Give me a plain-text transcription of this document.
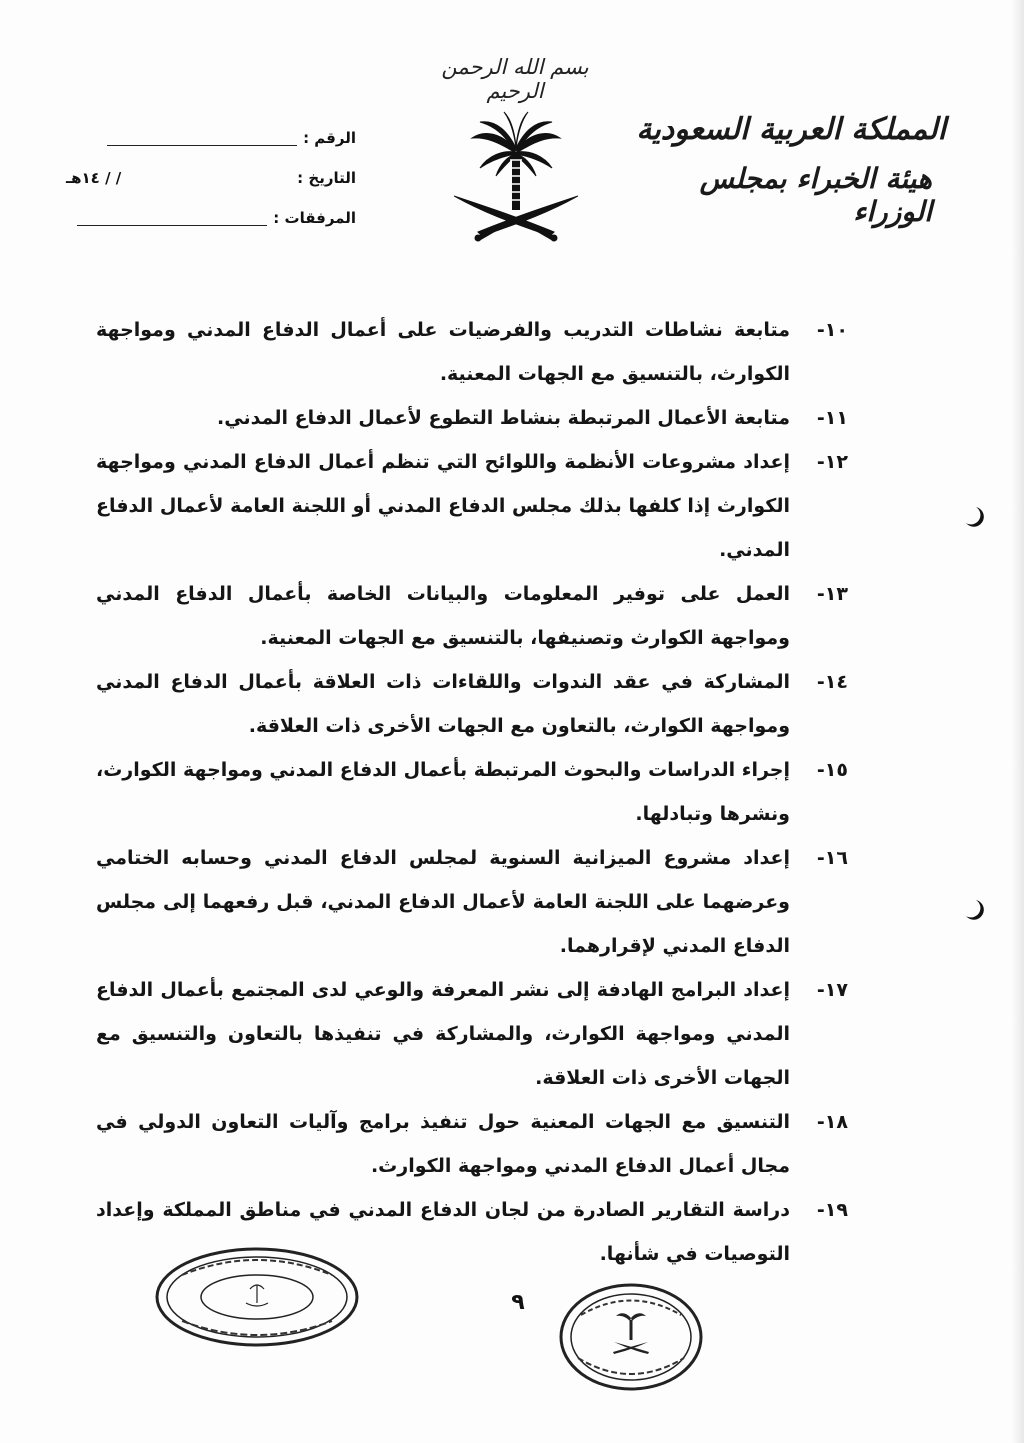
بسم الله الرحمن الرحيم
المملكة العربية السعودية
هيئة الخبراء بمجلس الوزراء
الرقم :
التاريخ :
/ / ١٤هـ
المرفقات :
١٠-
متابعة نشاطات التدريب والفرضيات على أعمال الدفاع المدني ومواجهة الكوارث، بالتنسيق مع الجهات المعنية.
١١-
متابعة الأعمال المرتبطة بنشاط التطوع لأعمال الدفاع المدني.
١٢-
إعداد مشروعات الأنظمة واللوائح التي تنظم أعمال الدفاع المدني ومواجهة الكوارث إذا كلفها بذلك مجلس الدفاع المدني أو اللجنة العامة لأعمال الدفاع المدني.
١٣-
العمل على توفير المعلومات والبيانات الخاصة بأعمال الدفاع المدني ومواجهة الكوارث وتصنيفها، بالتنسيق مع الجهات المعنية.
١٤-
المشاركة في عقد الندوات واللقاءات ذات العلاقة بأعمال الدفاع المدني ومواجهة الكوارث، بالتعاون مع الجهات الأخرى ذات العلاقة.
١٥-
إجراء الدراسات والبحوث المرتبطة بأعمال الدفاع المدني ومواجهة الكوارث، ونشرها وتبادلها.
١٦-
إعداد مشروع الميزانية السنوية لمجلس الدفاع المدني وحسابه الختامي وعرضهما على اللجنة العامة لأعمال الدفاع المدني، قبل رفعهما إلى مجلس الدفاع المدني لإقرارهما.
١٧-
إعداد البرامج الهادفة إلى نشر المعرفة والوعي لدى المجتمع بأعمال الدفاع المدني ومواجهة الكوارث، والمشاركة في تنفيذها بالتعاون والتنسيق مع الجهات الأخرى ذات العلاقة.
١٨-
التنسيق مع الجهات المعنية حول تنفيذ برامج وآليات التعاون الدولي في مجال أعمال الدفاع المدني ومواجهة الكوارث.
١٩-
دراسة التقارير الصادرة من لجان الدفاع المدني في مناطق المملكة وإعداد التوصيات في شأنها.
٩
